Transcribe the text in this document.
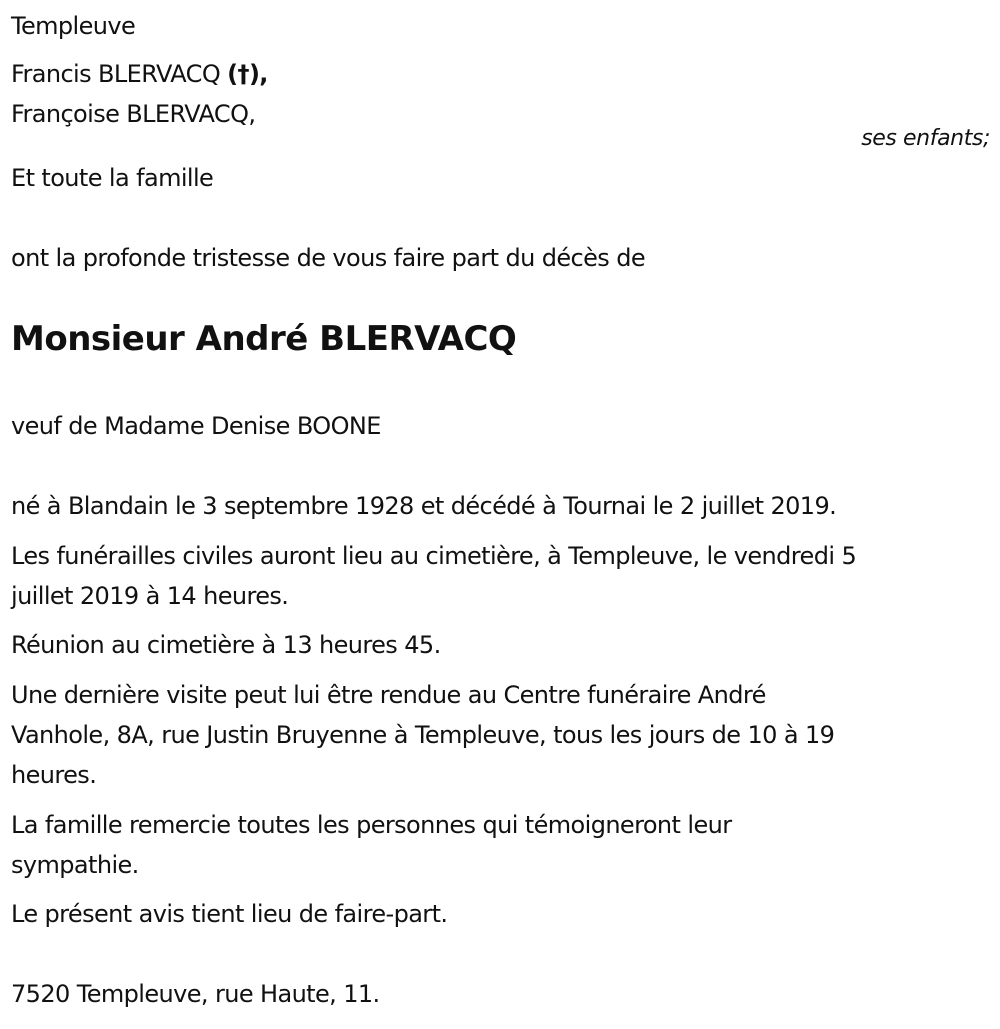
Templeuve
Francis BLERVACQ (†),
Françoise BLERVACQ,
ses enfants;
Et toute la famille
ont la profonde tristesse de vous faire part du décès de
Monsieur André BLERVACQ
veuf de Madame Denise BOONE
né à Blandain le 3 septembre 1928 et décédé à Tournai le 2 juillet 2019.
Les funérailles civiles auront lieu au cimetière, à Templeuve, le vendredi 5
juillet 2019 à 14 heures.
Réunion au cimetière à 13 heures 45.
Une dernière visite peut lui être rendue au Centre funéraire André
Vanhole, 8A, rue Justin Bruyenne à Templeuve, tous les jours de 10 à 19
heures.
La famille remercie toutes les personnes qui témoigneront leur
sympathie.
Le présent avis tient lieu de faire-part.
7520 Templeuve, rue Haute, 11.
